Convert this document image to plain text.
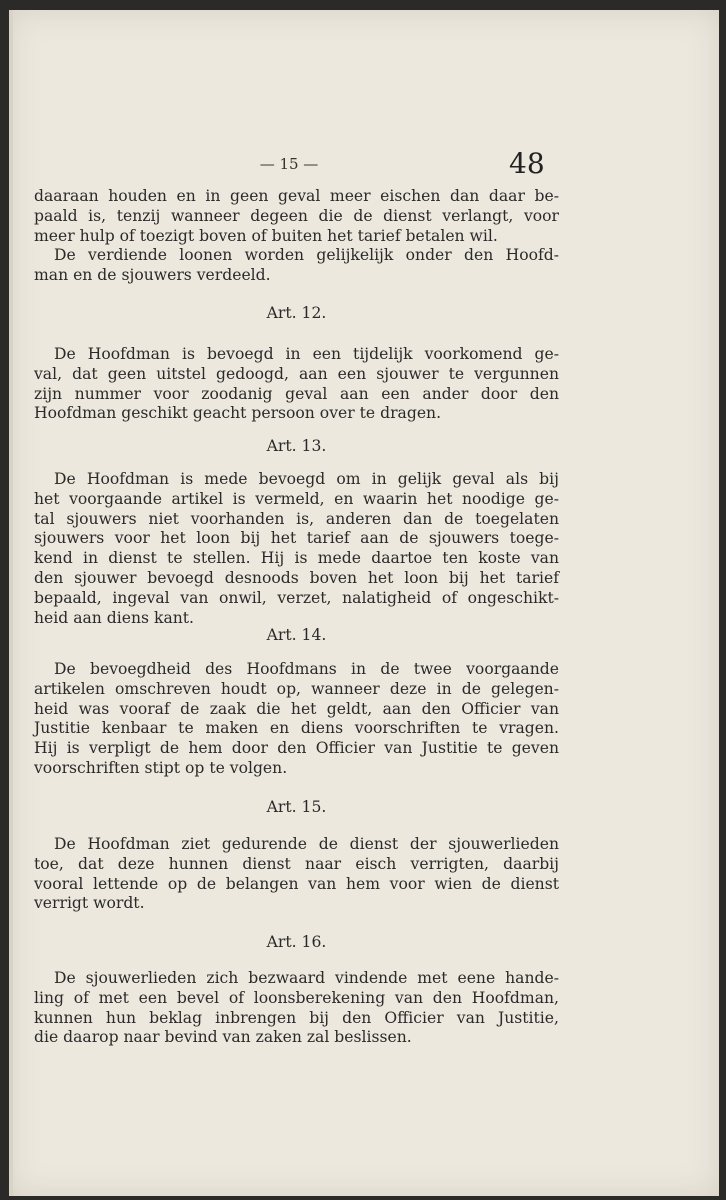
— 15 —	48
daaraan houden en in geen geval meer eischen dan daar be-
paald is, tenzij wanneer degeen die de dienst verlangt, voor
meer hulp of toezigt boven of buiten het tarief betalen wil.
De verdiende loonen worden gelijkelijk onder den Hoofd-
man en de sjouwers verdeeld.
Art. 12.
De Hoofdman is bevoegd in een tijdelijk voorkomend ge-
val, dat geen uitstel gedoogd, aan een sjouwer te vergunnen
zijn nummer voor zoodanig geval aan een ander door den
Hoofdman geschikt geacht persoon over te dragen.
Art. 13.
De Hoofdman is mede bevoegd om in gelijk geval als bij
het voorgaande artikel is vermeld, en waarin het noodige ge-
tal sjouwers niet voorhanden is, anderen dan de toegelaten
sjouwers voor het loon bij het tarief aan de sjouwers toege-
kend in dienst te stellen. Hij is mede daartoe ten koste van
den sjouwer bevoegd desnoods boven het loon bij het tarief
bepaald, ingeval van onwil, verzet, nalatigheid of ongeschikt-
heid aan diens kant.
Art. 14.
De bevoegdheid des Hoofdmans in de twee voorgaande
artikelen omschreven houdt op, wanneer deze in de gelegen-
heid was vooraf de zaak die het geldt, aan den Officier van
Justitie kenbaar te maken en diens voorschriften te vragen.
Hij is verpligt de hem door den Officier van Justitie te geven
voorschriften stipt op te volgen.
Art. 15.
De Hoofdman ziet gedurende de dienst der sjouwerlieden
toe, dat deze hunnen dienst naar eisch verrigten, daarbij
vooral lettende op de belangen van hem voor wien de dienst
verrigt wordt.
Art. 16.
De sjouwerlieden zich bezwaard vindende met eene hande-
ling of met een bevel of loonsberekening van den Hoofdman,
kunnen hun beklag inbrengen bij den Officier van Justitie,
die daarop naar bevind van zaken zal beslissen.
